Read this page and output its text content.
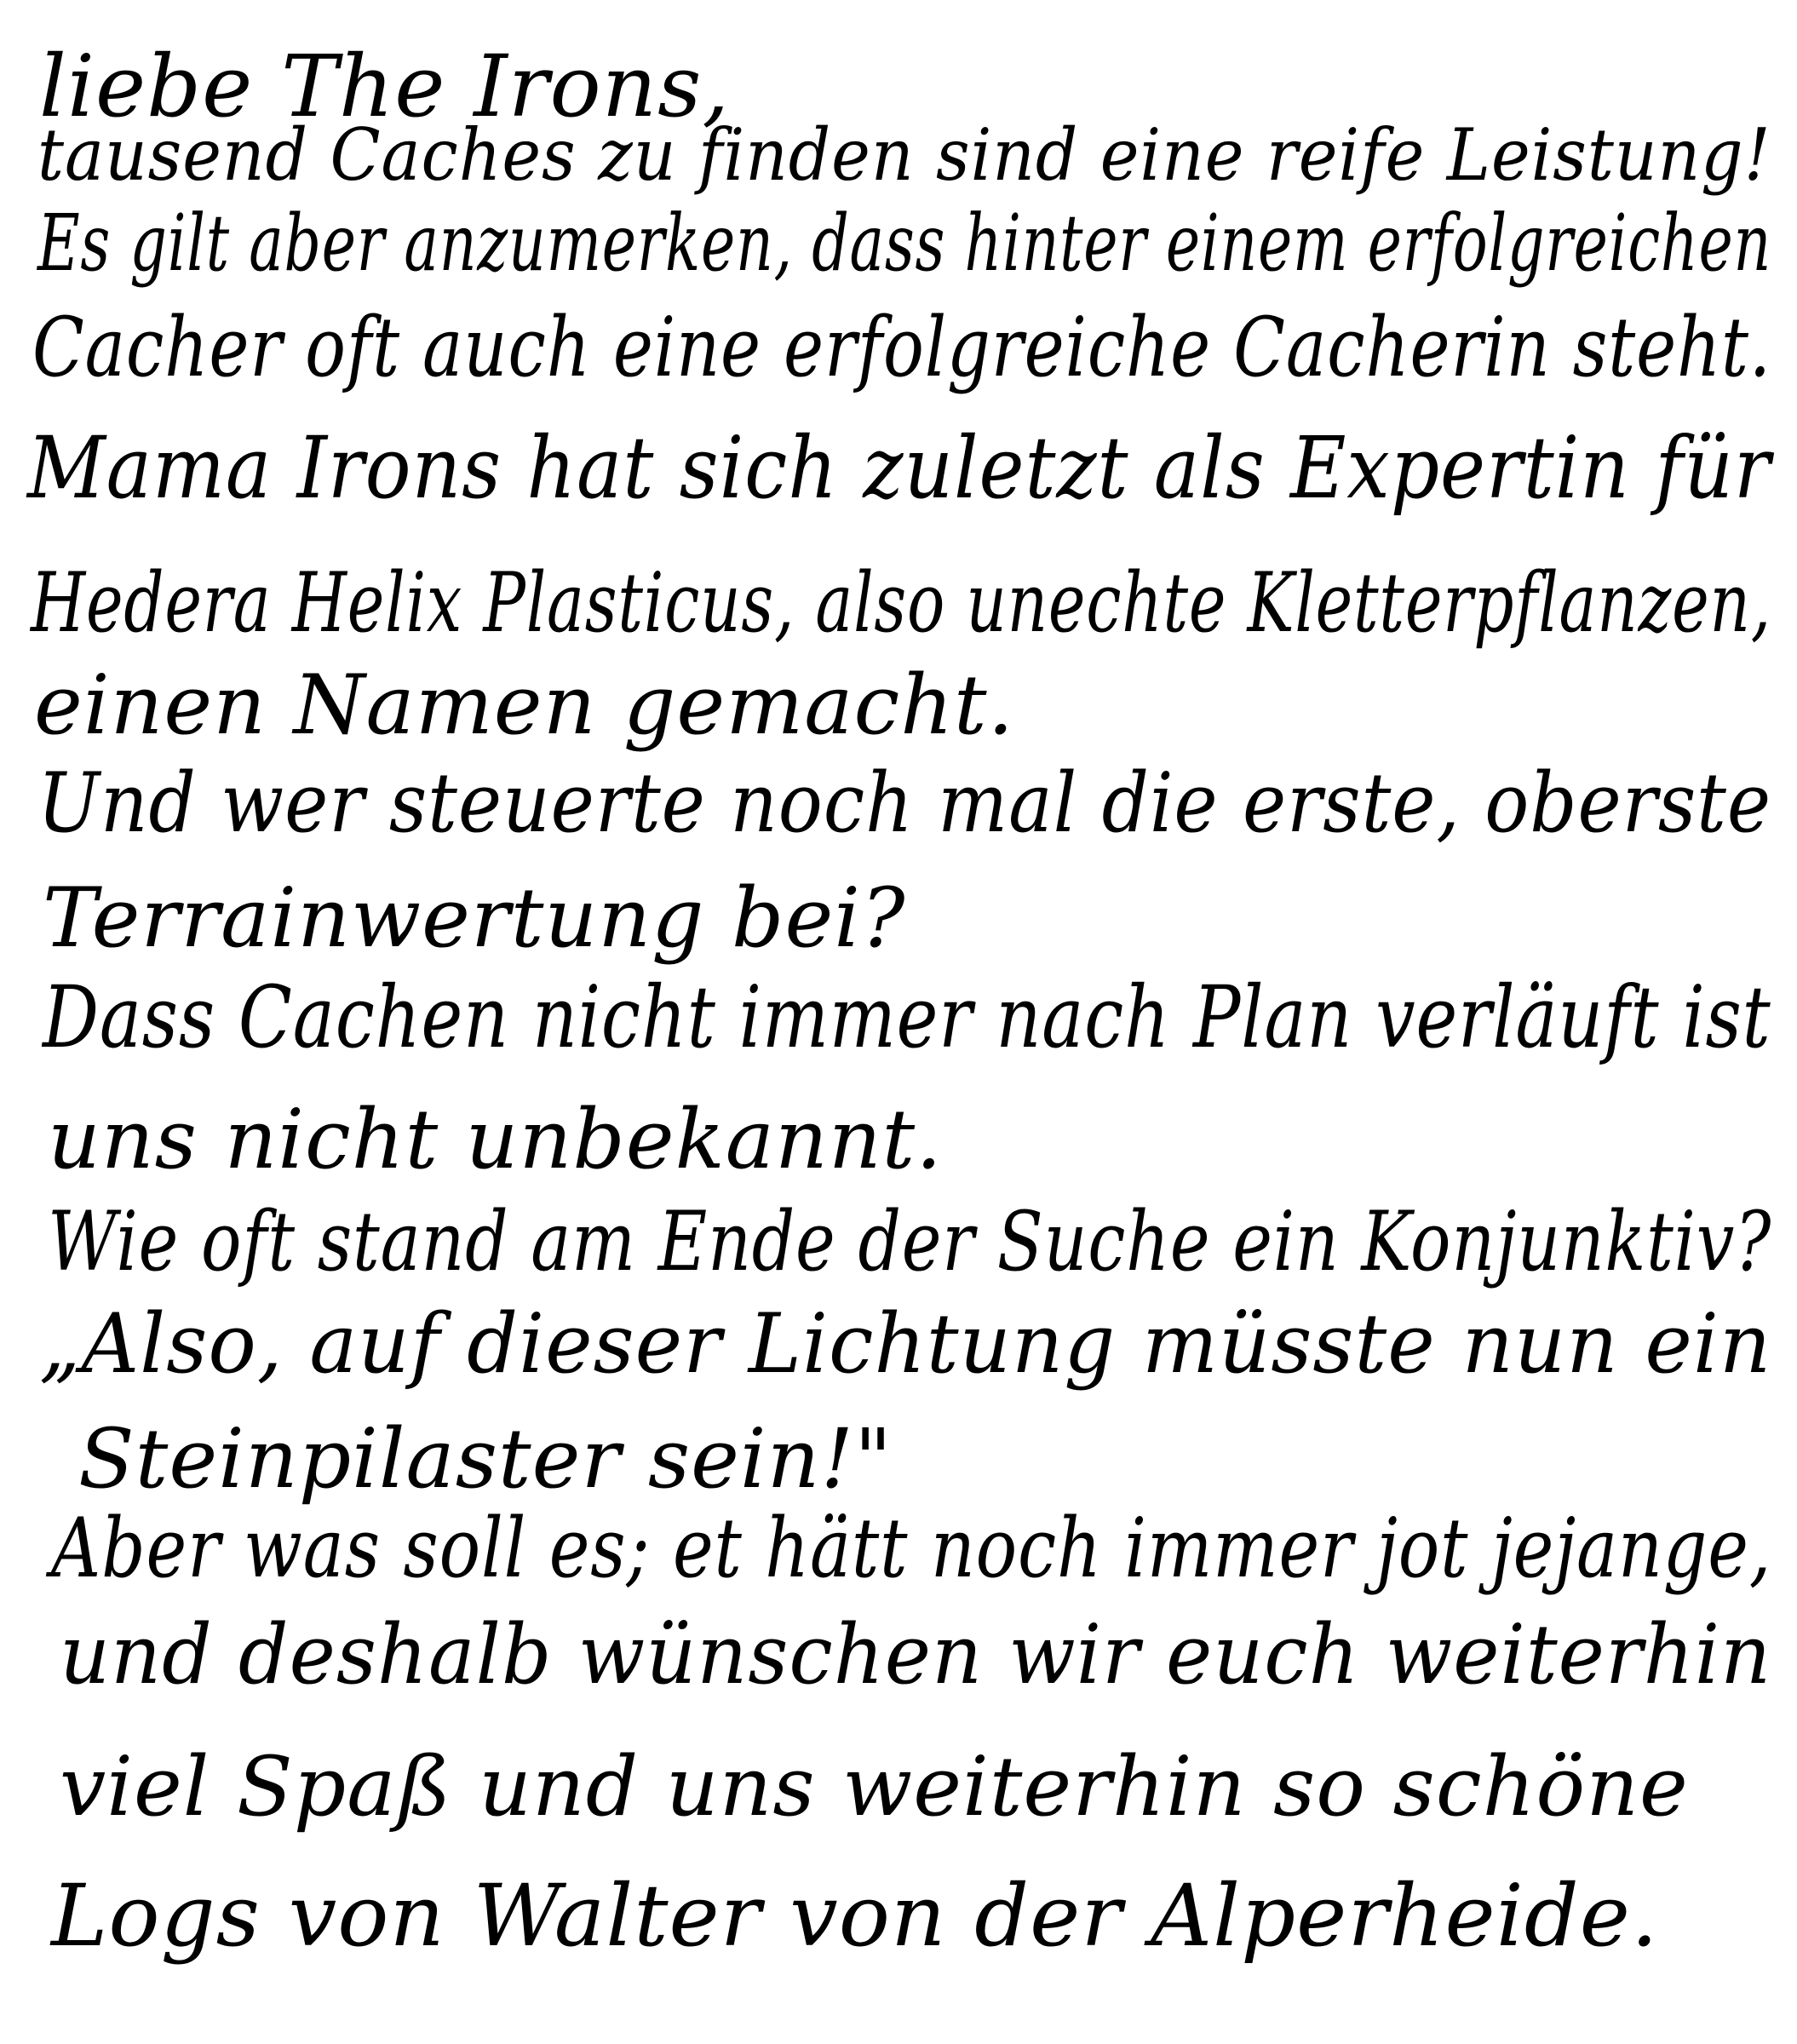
liebe The Irons,
tausend Caches zu finden sind eine reife Leistung!
Es gilt aber anzumerken, dass hinter einem erfolgreichen
Cacher oft auch eine erfolgreiche Cacherin steht.
Mama Irons hat sich zuletzt als Expertin für
Hedera Helix Plasticus, also unechte Kletterpflanzen,
einen Namen gemacht.
Und wer steuerte noch mal die erste, oberste
Terrainwertung bei?
Dass Cachen nicht immer nach Plan verläuft ist
uns nicht unbekannt.
Wie oft stand am Ende der Suche ein Konjunktiv?
„Also, auf dieser Lichtung müsste nun ein
Steinpilaster sein!"
Aber was soll es; et hätt noch immer jot jejange,
und deshalb wünschen wir euch weiterhin
viel Spaß und uns weiterhin so schöne
Logs von Walter von der Alperheide.
